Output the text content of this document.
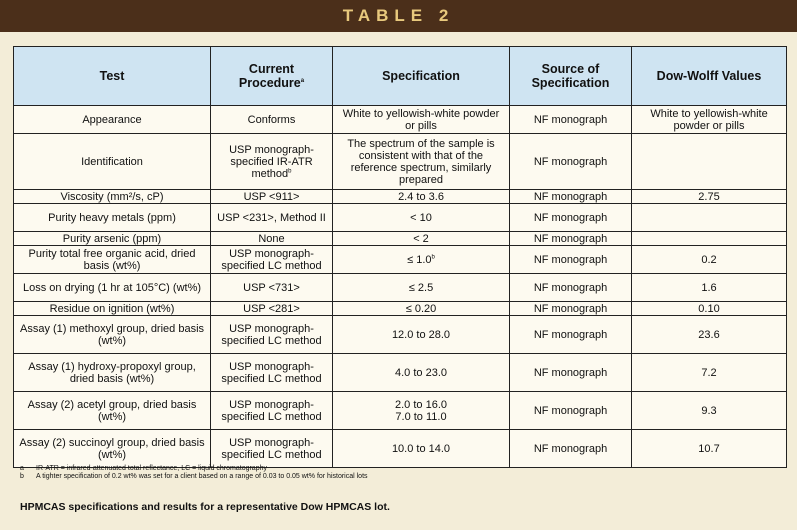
TABLE 2
Test	Current Procedure$^a$	Specification	Source of Specification	Dow-Wolff Values
Appearance	Conforms	White to yellowish-white powder or pills	NF monograph	White to yellowish-white powder or pills
Identification	USP monograph-specified IR-ATR method$^b$	The spectrum of the sample is consistent with that of the reference spectrum, similarly prepared	NF monograph	
Viscosity (mm²/s, cP)	USP <911>	2.4 to 3.6	NF monograph	2.75
Purity heavy metals (ppm)	USP <231>, Method II	< 10	NF monograph	
Purity arsenic (ppm)	None	< 2	NF monograph	
Purity total free organic acid, dried basis (wt%)	USP monograph-specified LC method	≤ 1.0$^b$	NF monograph	0.2
Loss on drying (1 hr at 105°C) (wt%)	USP <731>	≤ 2.5	NF monograph	1.6
Residue on ignition (wt%)	USP <281>	≤ 0.20	NF monograph	0.10
Assay (1) methoxyl group, dried basis (wt%)	USP monograph-specified LC method	12.0 to 28.0	NF monograph	23.6
Assay (1) hydroxy-propoxyl group, dried basis (wt%)	USP monograph-specified LC method	4.0 to 23.0	NF monograph	7.2
Assay (2) acetyl group, dried basis (wt%)	USP monograph-specified LC method	2.0 to 16.0
7.0 to 11.0	NF monograph	9.3
Assay (2) succinoyl group, dried basis (wt%)	USP monograph-specified LC method	10.0 to 14.0	NF monograph	10.7
a IR-ATR = infrared-attenuated total reflectance, LC = liquid chromatography
b A tighter specification of 0.2 wt% was set for a client based on a range of 0.03 to 0.05 wt% for historical lots
HPMCAS specifications and results for a representative Dow HPMCAS lot.
